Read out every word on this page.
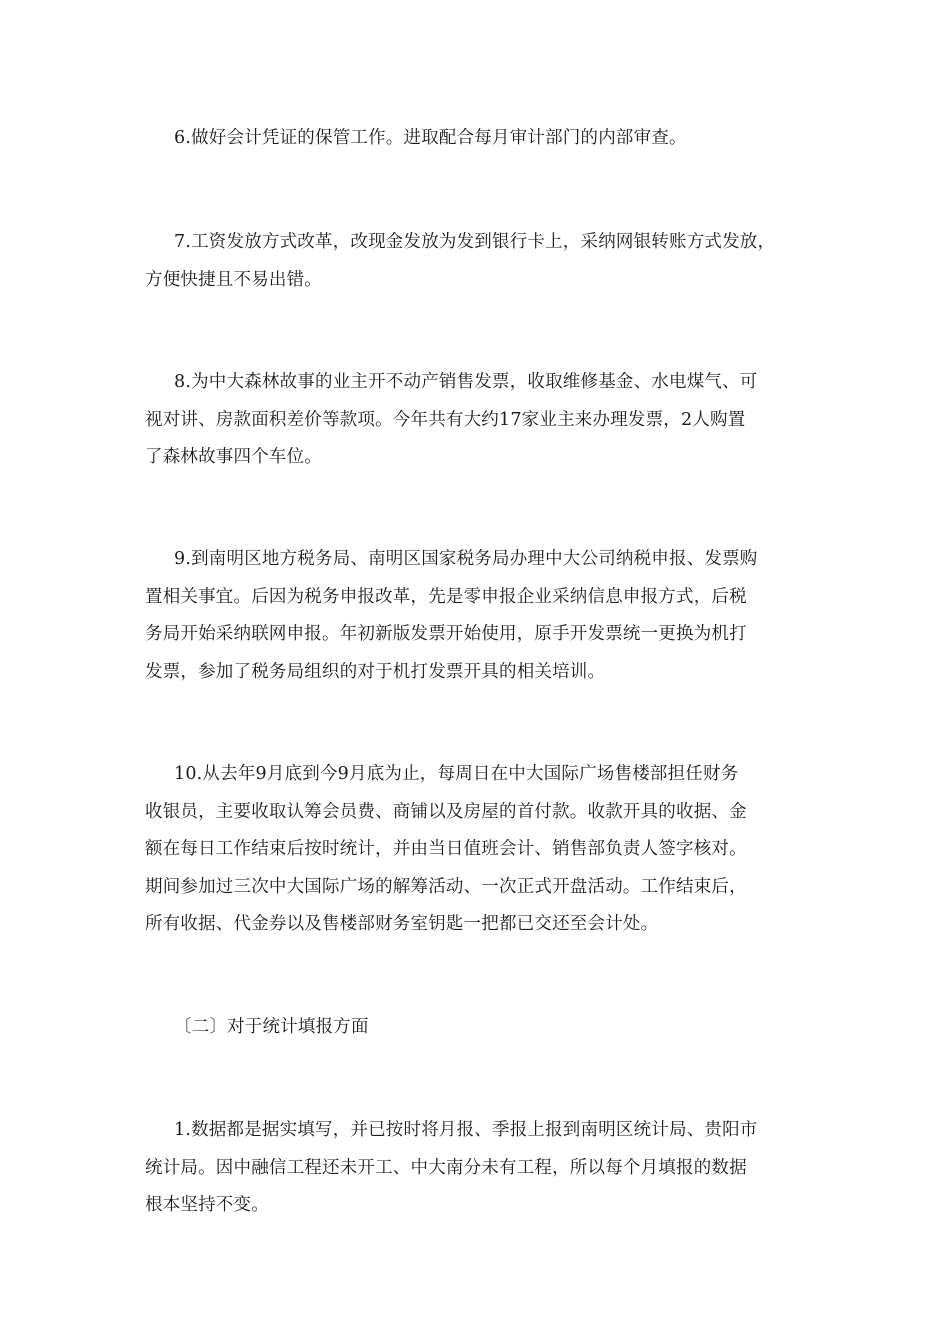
6.做好会计凭证的保管工作。进取配合每月审计部门的内部审查。
7.工资发放方式改革，改现金发放为发到银行卡上，采纳网银转账方式发放，
方便快捷且不易出错。
8.为中大森林故事的业主开不动产销售发票，收取维修基金、水电煤气、可
视对讲、房款面积差价等款项。今年共有大约17家业主来办理发票，2人购置
了森林故事四个车位。
9.到南明区地方税务局、南明区国家税务局办理中大公司纳税申报、发票购
置相关事宜。后因为税务申报改革，先是零申报企业采纳信息申报方式，后税
务局开始采纳联网申报。年初新版发票开始使用，原手开发票统一更换为机打
发票，参加了税务局组织的对于机打发票开具的相关培训。
10.从去年9月底到今9月底为止，每周日在中大国际广场售楼部担任财务
收银员，主要收取认筹会员费、商铺以及房屋的首付款。收款开具的收据、金
额在每日工作结束后按时统计，并由当日值班会计、销售部负责人签字核对。
期间参加过三次中大国际广场的解筹活动、一次正式开盘活动。工作结束后，
所有收据、代金券以及售楼部财务室钥匙一把都已交还至会计处。
〔二〕对于统计填报方面
1.数据都是据实填写，并已按时将月报、季报上报到南明区统计局、贵阳市
统计局。因中融信工程还未开工、中大南分未有工程，所以每个月填报的数据
根本坚持不变。
